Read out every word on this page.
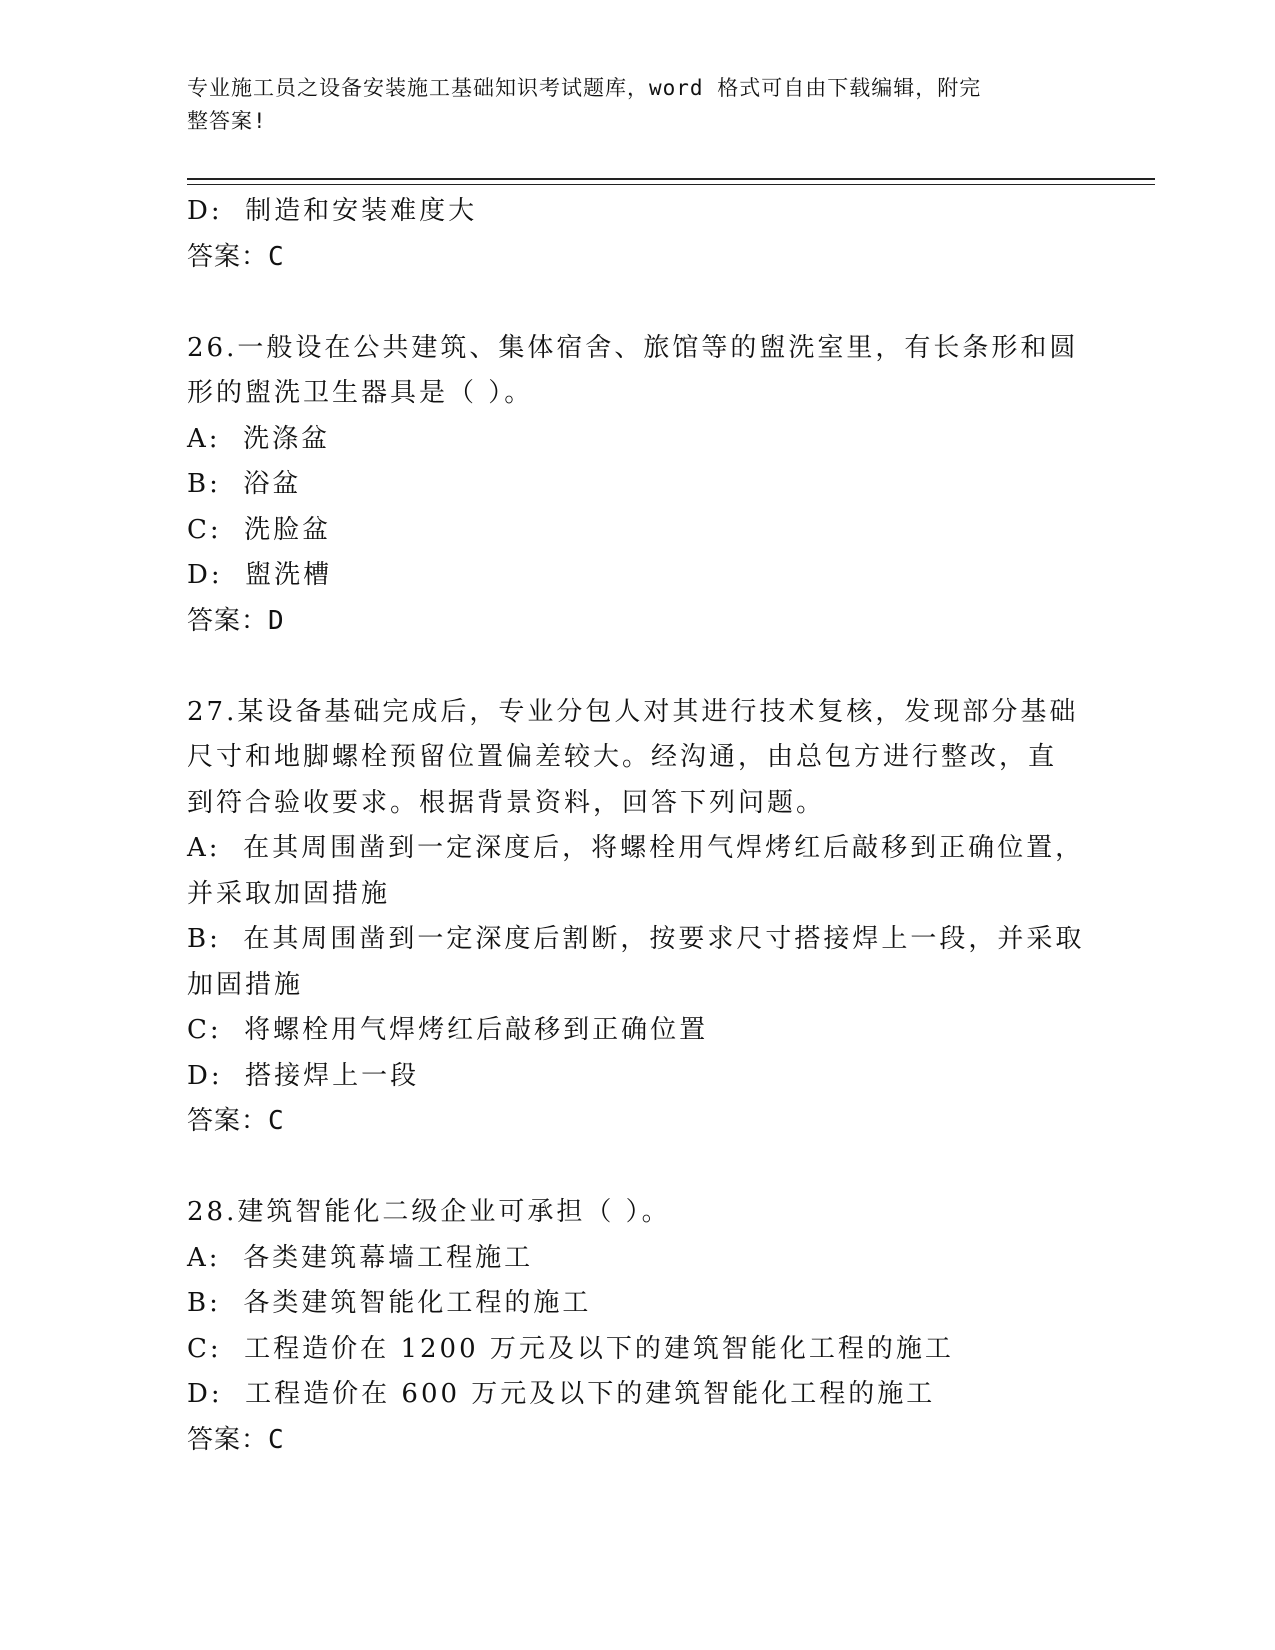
专业施工员之设备安装施工基础知识考试题库，word 格式可自由下载编辑，附完
整答案!
D:  制造和安装难度大
答案：C
26.一般设在公共建筑、集体宿舍、旅馆等的盥洗室里，有长条形和圆
形的盥洗卫生器具是（ ）。
A:  洗涤盆
B:  浴盆
C:  洗脸盆
D:  盥洗槽
答案：D
27.某设备基础完成后，专业分包人对其进行技术复核，发现部分基础
尺寸和地脚螺栓预留位置偏差较大。经沟通，由总包方进行整改，直
到符合验收要求。根据背景资料，回答下列问题。
A:  在其周围凿到一定深度后，将螺栓用气焊烤红后敲移到正确位置，
并采取加固措施
B:  在其周围凿到一定深度后割断，按要求尺寸搭接焊上一段，并采取
加固措施
C:  将螺栓用气焊烤红后敲移到正确位置
D:  搭接焊上一段
答案：C
28.建筑智能化二级企业可承担（ ）。
A:  各类建筑幕墙工程施工
B:  各类建筑智能化工程的施工
C:  工程造价在 1200 万元及以下的建筑智能化工程的施工
D:  工程造价在 600 万元及以下的建筑智能化工程的施工
答案：C
